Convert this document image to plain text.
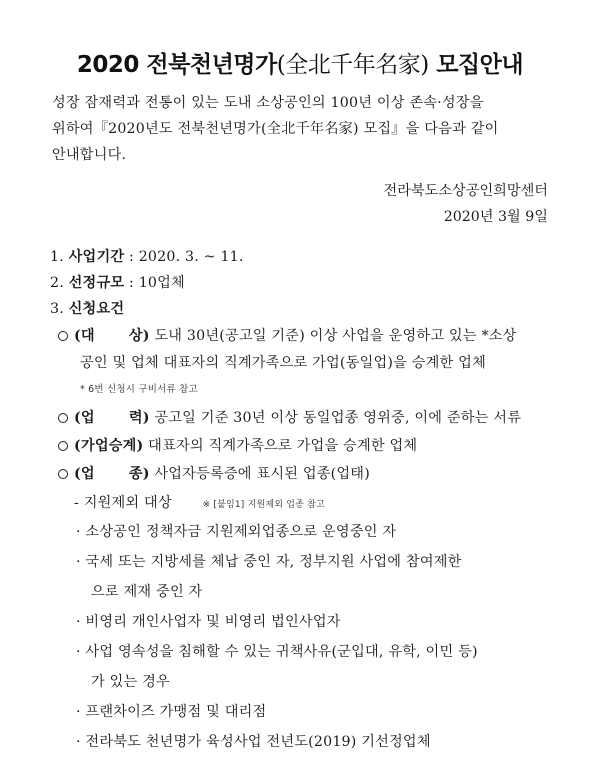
2020 전북천년명가(全北千年名家) 모집안내
성장 잠재력과 전통이 있는 도내 소상공인의 100년 이상 존속·성장을
위하여『2020년도 전북천년명가(全北千年名家) 모집』을 다음과 같이
안내합니다.
전라북도소상공인희망센터
2020년 3월 9일
1. 사업기간 : 2020. 3. ~ 11.
2. 선정규모 : 10업체
3. 신청요건
(대 상) 도내 30년(공고일 기준) 이상 사업을 운영하고 있는 *소상
공인 및 업체 대표자의 직계가족으로 가업(동일업)을 승계한 업체
* 6번 신청시 구비서류 참고
(업 력) 공고일 기준 30년 이상 동일업종 영위중, 이에 준하는 서류
(가업승계) 대표자의 직계가족으로 가업을 승계한 업체
(업 종) 사업자등록증에 표시된 업종(업태)
- 지원제외 대상	※ [붙임1] 지원제외 업종 참고
· 소상공인 정책자금 지원제외업종으로 운영중인 자
· 국세 또는 지방세를 체납 중인 자, 정부지원 사업에 참여제한
으로 제재 중인 자
· 비영리 개인사업자 및 비영리 법인사업자
· 사업 영속성을 침해할 수 있는 귀책사유(군입대, 유학, 이민 등)
가 있는 경우
· 프랜차이즈 가맹점 및 대리점
· 전라북도 천년명가 육성사업 전년도(2019) 기선정업체
